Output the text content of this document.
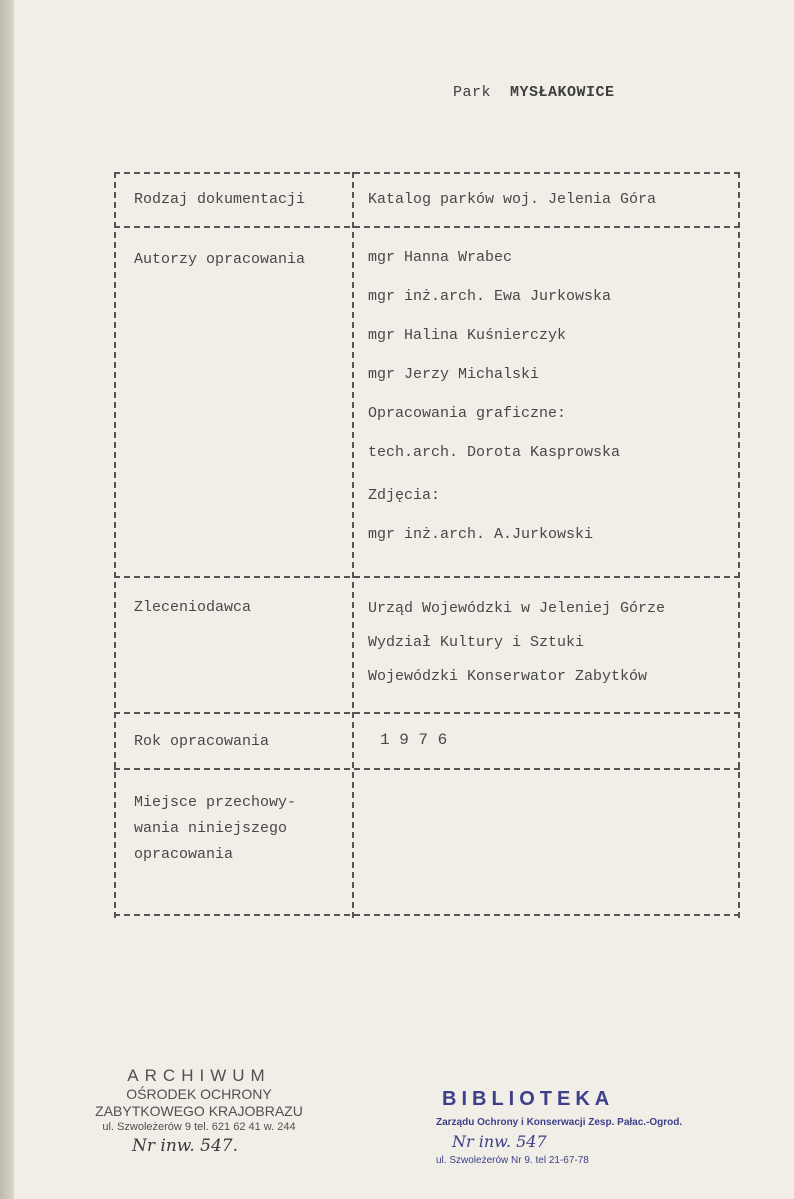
Park MYSŁAKOWICE
Rodzaj dokumentacji	Katalog parków woj. Jelenia Góra
Autorzy opracowania	mgr Hanna Wrabec
mgr inż.arch. Ewa Jurkowska
mgr Halina Kuśnierczyk
mgr Jerzy Michalski
Opracowania graficzne:
tech.arch. Dorota Kasprowska
Zdjęcia:
mgr inż.arch. A.Jurkowski
Zleceniodawca	Urząd Wojewódzki w Jeleniej Górze
Wydział Kultury i Sztuki
Wojewódzki Konserwator Zabytków
Rok opracowania	1 9 7 6
Miejsce przechowy-
wania niniejszego
opracowania
ARCHIWUM
OŚRODEK OCHRONY
ZABYTKOWEGO KRAJOBRAZU
ul. Szwoleżerów 9 tel. 621 62 41 w. 244
Nr inw. 547.
BIBLIOTEKA
Zarządu Ochrony i Konserwacji Zesp. Pałac.-Ogrod.
Nr inw. 547
ul. Szwoleżerów Nr 9. tel 21-67-78
